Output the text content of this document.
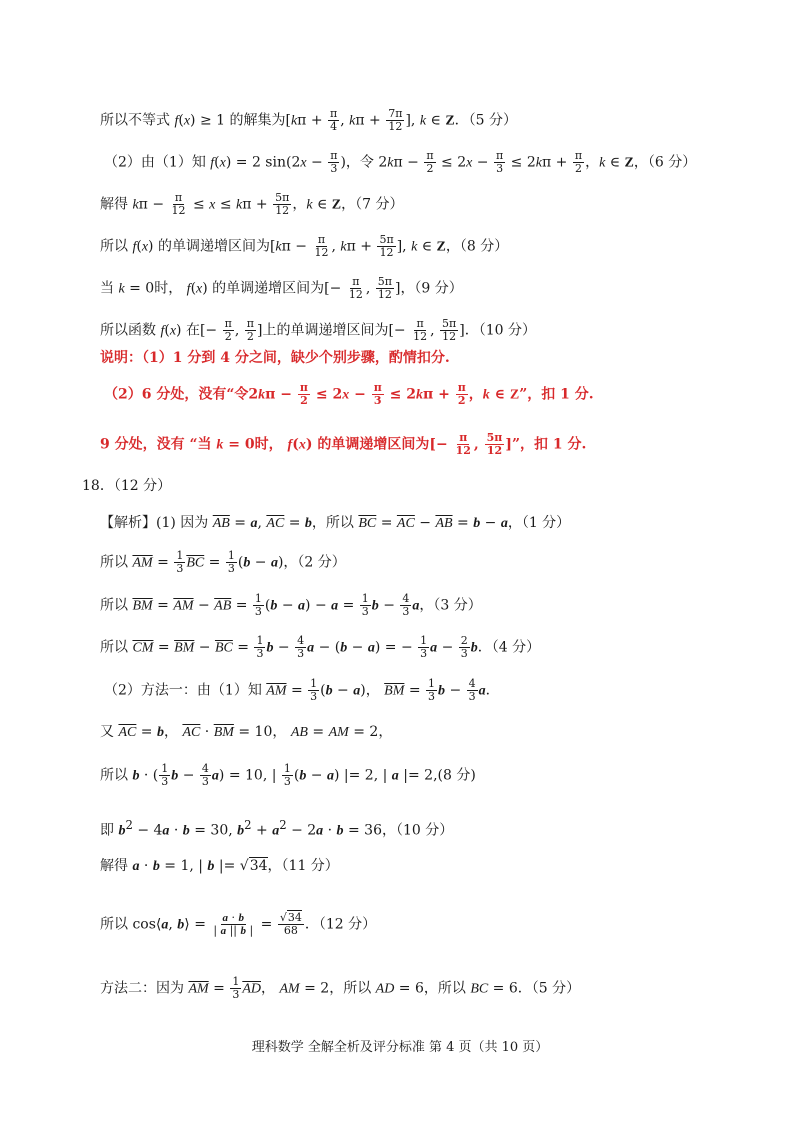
所以不等式 f(x) ≥ 1 的解集为[$k\pi + \frac{\pi}{4}$ , $k\pi + \frac{7\pi}{12}$ ], k ∈ Z．（5 分）
（2）由（1）知 f(x) = 2 $\sin(2x - \frac{\pi}{3}$ )，令 $2k\pi - \frac{\pi}{2} \le 2x - \frac{\pi}{3} \le 2k\pi + \frac{\pi}{2}$ ，k ∈ Z，（6 分）
解得 $k\pi - \frac{\pi}{12} \le x \le k\pi + \frac{5\pi}{12}$ ，k ∈ Z，（7 分）
所以 f(x) 的单调递增区间为[$k\pi - \frac{\pi}{12}$ , $k\pi + \frac{5\pi}{12}$ ], k ∈ Z，（8 分）
当 k = 0时， f(x) 的单调递增区间为[− $\frac{\pi}{12}$ , $\frac{5\pi}{12}$ ]，（9 分）
所以函数 f(x) 在[− $\frac{\pi}{2}$ , $\frac{\pi}{2}$ ]上的单调递增区间为[− $\frac{\pi}{12}$ , $\frac{5\pi}{12}$ ]．（10 分）
说明：（1）1 分到 4 分之间，缺少个别步骤，酌情扣分.
（2）6 分处，没有“令$2k\pi - \frac{\pi}{2} \le 2x - \frac{\pi}{3} \le 2k\pi + \frac{\pi}{2}$ ，k ∈ Z”，扣 1 分.
9 分处，没有 “当 k = 0时， f(x) 的单调递增区间为[− $\frac{\pi}{12}$ , $\frac{5\pi}{12}$ ]”，扣 1 分.
18．（12 分）
【解析】(1) 因为 $\overline{AB} = a$, $\overline{AC} = b$，所以 $\overline{BC} = \overline{AC} - \overline{AB} = b - a$，（1 分）
所以 $\overline{AM} = \frac{1}{3} \overline{BC} = \frac{1}{3} (b - a)$，（2 分）
所以 $\overline{BM} = \overline{AM} - \overline{AB} = \frac{1}{3} (b - a) - a = \frac{1}{3}$ $b - \frac{4}{3}$ a，（3 分）
所以 $\overline{CM} = \overline{BM} - \overline{BC} = \frac{1}{3}$ $b - \frac{4}{3}$ a − (b − a) = − $\frac{1}{3}$ $a - \frac{2}{3}$ b．（4 分）
（2）方法一：由（1）知 $\overline{AM} = \frac{1}{3} (b - a)$， $\overline{BM} = \frac{1}{3}$ $b - \frac{4}{3}$ a．
又 $\overline{AC} = b$， $\overline{AC} \cdot \overline{BM} = 10$， AB = AM = 2，
所以 b · ( $\frac{1}{3}$ $b - \frac{4}{3} a) = 10$, | $\frac{1}{3} (b - a)$ |= 2, | a |= 2,(8 分)
即 $b^2 - 4a \cdot b = 30$, $b^2 + a^2 - 2a \cdot b = 36$，（10 分）
解得 a · b = 1, | b |= √34，（11 分）
所以 cos⟨a, b⟩ = $\frac{a \cdot b}{| a || b |} = \frac{√34}{68}$ ．（12 分）
方法二：因为 $\overline{AM} = \frac{1}{3} \overline{AD}$， AM = 2，所以 AD = 6，所以 BC = 6．（5 分）
理科数学 全解全析及评分标准 第 4 页（共 10 页）
